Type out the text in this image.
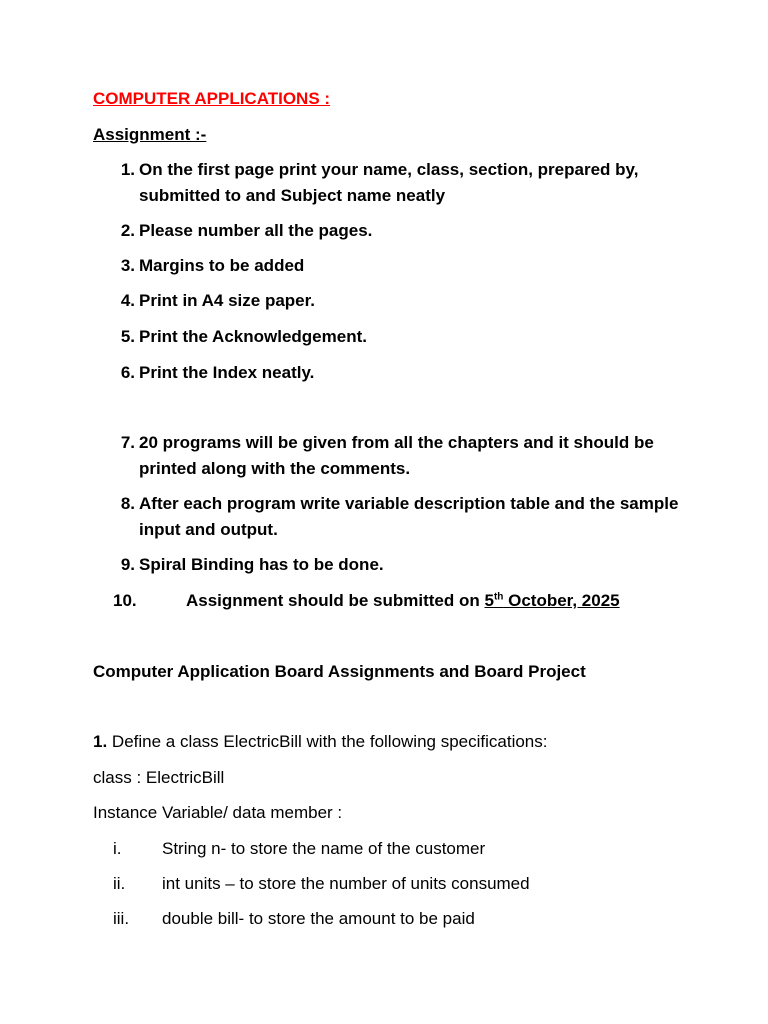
COMPUTER APPLICATIONS :
Assignment :-
1. On the first page print your name, class, section, prepared by, submitted to and Subject name neatly
2. Please number all the pages.
3. Margins to be added
4. Print in A4 size paper.
5. Print the Acknowledgement.
6. Print the Index neatly.
7. 20 programs will be given from all the chapters and it should be printed along with the comments.
8. After each program write variable description table and the sample input and output.
9. Spiral Binding has to be done.
10.	Assignment should be submitted on 5th October, 2025
Computer Application Board Assignments and Board Project
1. Define a class ElectricBill with the following specifications:
class : ElectricBill
Instance Variable/ data member :
i.	String n- to store the name of the customer
ii.	int units – to store the number of units consumed
iii.	double bill- to store the amount to be paid
